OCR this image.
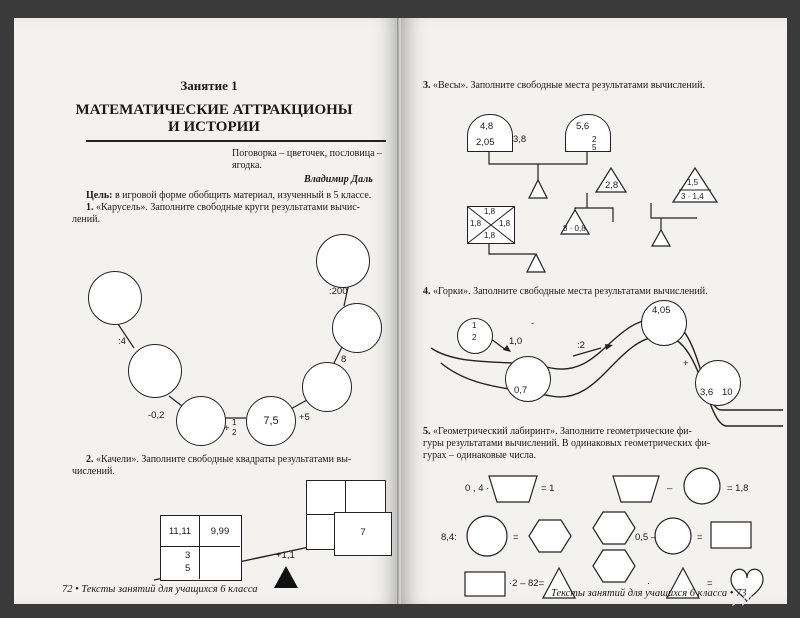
Занятие 1
МАТЕМАТИЧЕСКИЕ АТТРАКЦИОНЫ
И ИСТОРИИ
Поговорка – цветочек, пословица –
ягодка.
Владимир Даль
Цель: в игровой форме обобщить материал, изученный в 5 классе.
1. «Карусель». Заполните свободные круги результатами вычис-
лений.
7,5
:4
-0,2
+
1
2
+5
8
:200
2. «Качели». Заполните свободные квадраты результатами вы-
числений.
11,11	9,99
3
5
+1,1
7
72 • Тексты занятий для учащихся 6 класса
3. «Весы». Заполните свободные места результатами вычислений.
4,8
2,05 3,8
5,6
2
5
2,8
1,8
1,8 1,8
1,8
8 · 0,8
1,5
3 · 1,4
4. «Горки». Заполните свободные места результатами вычислений.
1
2	1,0
-
0,7
:2
4,05
+
3,6 10
5. «Геометрический лабиринт». Заполните геометрические фи-
гуры результатами вычислений. В одинаковых геометрических фи-
гурах – одинаковые числа.
0 , 4 ·	= 1	–	= 1,8
8,4:	=	0,5 –	=
·2 – 82=	·	=
Тексты занятий для учащихся 6 класса • 73
fantasy-print.ru
